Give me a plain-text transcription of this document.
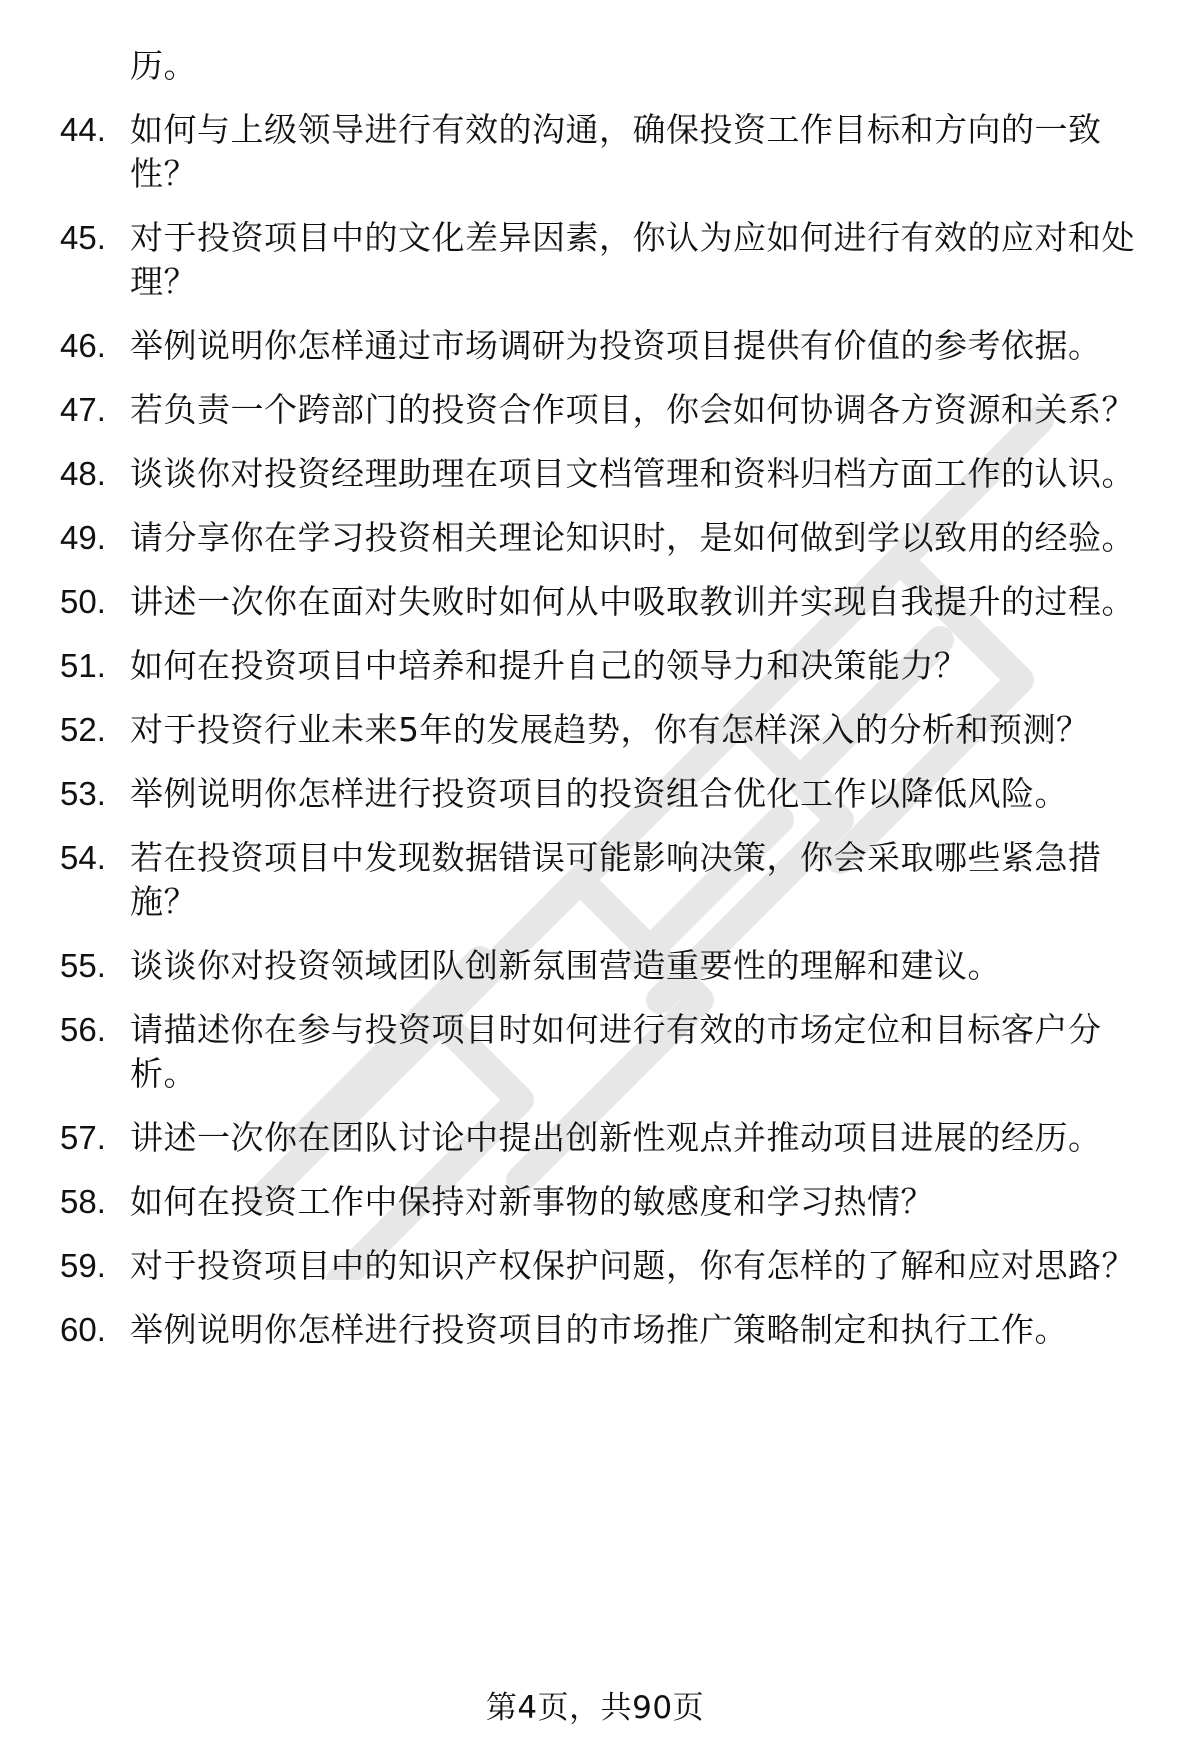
历。
44. 如何与上级领导进行有效的沟通，确保投资工作目标和方向的一致性？
45. 对于投资项目中的文化差异因素，你认为应如何进行有效的应对和处理？
46. 举例说明你怎样通过市场调研为投资项目提供有价值的参考依据。
47. 若负责一个跨部门的投资合作项目，你会如何协调各方资源和关系？
48. 谈谈你对投资经理助理在项目文档管理和资料归档方面工作的认识。
49. 请分享你在学习投资相关理论知识时，是如何做到学以致用的经验。
50. 讲述一次你在面对失败时如何从中吸取教训并实现自我提升的过程。
51. 如何在投资项目中培养和提升自己的领导力和决策能力？
52. 对于投资行业未来5年的发展趋势，你有怎样深入的分析和预测？
53. 举例说明你怎样进行投资项目的投资组合优化工作以降低风险。
54. 若在投资项目中发现数据错误可能影响决策，你会采取哪些紧急措施？
55. 谈谈你对投资领域团队创新氛围营造重要性的理解和建议。
56. 请描述你在参与投资项目时如何进行有效的市场定位和目标客户分析。
57. 讲述一次你在团队讨论中提出创新性观点并推动项目进展的经历。
58. 如何在投资工作中保持对新事物的敏感度和学习热情？
59. 对于投资项目中的知识产权保护问题，你有怎样的了解和应对思路？
60. 举例说明你怎样进行投资项目的市场推广策略制定和执行工作。
第4页，共90页
